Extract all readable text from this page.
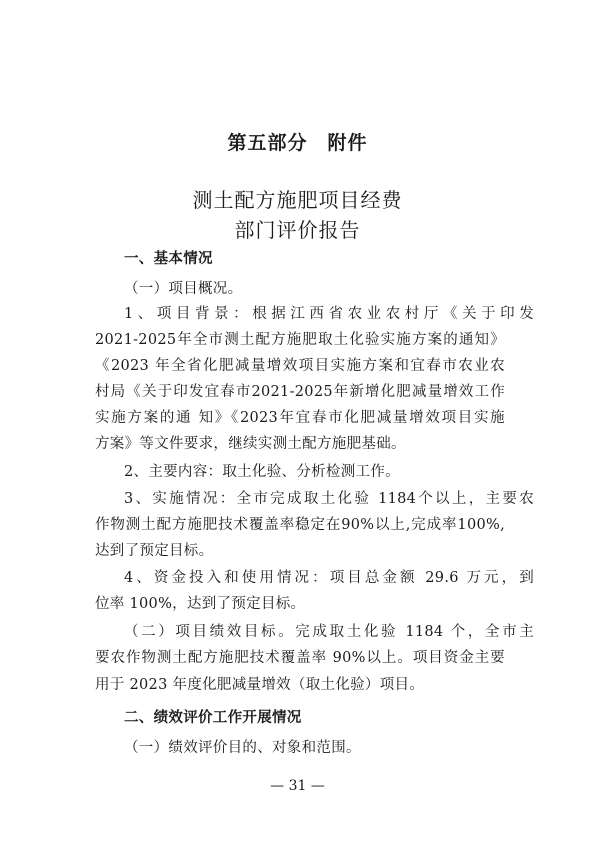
第五部分　附件
测土配方施肥项目经费
部门评价报告
一、基本情况
（一）项目概况。
1、项目背景：根据江西省农业农村厅《关于印发
2021-2025年全市测土配方施肥取土化验实施方案的通知》
《2023 年全省化肥减量增效项目实施方案和宜春市农业农
村局《关于印发宜春市2021-2025年新增化肥减量增效工作
实施方案的通 知》《2023年宜春市化肥减量增效项目实施
方案》等文件要求，继续实测土配方施肥基础。
2、主要内容：取土化验、分析检测工作。
3、实施情况：全市完成取土化验 1184个以上，主要农
作物测土配方施肥技术覆盖率稳定在90%以上,完成率100%,
达到了预定目标。
4、资金投入和使用情况：项目总金额 29.6 万元，到
位率 100%，达到了预定目标。
（二）项目绩效目标。完成取土化验 1184 个，全市主
要农作物测土配方施肥技术覆盖率 90%以上。项目资金主要
用于 2023 年度化肥减量增效（取土化验）项目。
二、绩效评价工作开展情况
（一）绩效评价目的、对象和范围。
— 31 —
